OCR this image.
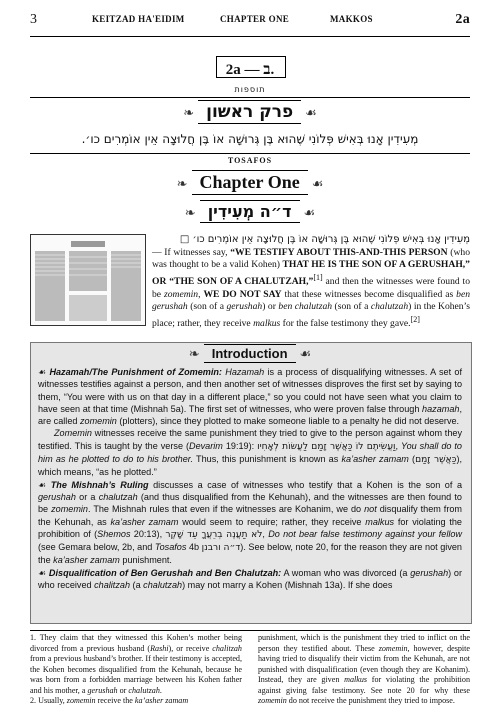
3	KEITZAD HA'EIDIM	CHAPTER ONE	MAKKOS	2a
2a — ב.
תוספות
❧ פרק ראשון ☙
מְעִידִין אָנוּ בְּאִישׁ פְּלוֹנִי שֶׁהוּא בֶּן גְּרוּשָׁה אוֹ בֶּן חֲלוּצָה אֵין אוֹמְרִים כו׳.
TOSAFOS
❧ Chapter One ☙
❧ ד״ה מְעִידִין ☙
מְעִידִין אָנוּ בְּאִישׁ פְּלוֹנִי שֶׁהוּא בֶּן גְּרוּשָׁה אוֹ בֶּן חֲלוּצָה אֵין אוֹמְרִים כו׳ □
— If witnesses say, “WE TESTIFY ABOUT THIS-AND-THIS PERSON (who was thought to be a valid Kohen) THAT HE IS THE SON OF A GERUSHAH,” OR “THE SON OF A CHALUTZAH,”[1] and then the witnesses were found to be zomemin, WE DO NOT SAY that these witnesses become disqualified as ben gerushah (son of a gerushah) or ben chalutzah (son of a chalutzah) in the Kohen’s place; rather, they receive malkus for the false testimony they gave.[2]
❧ Introduction ☙
☙ Hazamah/The Punishment of Zomemin: Hazamah is a process of disqualifying witnesses. A set of witnesses testifies against a person, and then another set of witnesses disproves the first set by saying to them, “You were with us on that day in a different place,” so you could not have seen what you claim to have seen at that time (Mishnah 5a). The first set of witnesses, who were proven false through hazamah, are called zomemin (plotters), since they plotted to make someone liable to a penalty he did not deserve.
Zomemin witnesses receive the same punishment they tried to give to the person against whom they testified. This is taught by the verse (Devarim 19:19): וַעֲשִׂיתֶם לוֹ כַּאֲשֶׁר זָמַם לַעֲשׂוֹת לְאָחִיו, You shall do to him as he plotted to do to his brother. Thus, this punishment is known as ka’asher zamam (כַּאֲשֶׁר זָמַם), which means, “as he plotted.”
☙ The Mishnah’s Ruling discusses a case of witnesses who testify that a Kohen is the son of a gerushah or a chalutzah (and thus disqualified from the Kehunah), and the witnesses are then found to be zomemin. The Mishnah rules that even if the witnesses are Kohanim, we do not disqualify them from the Kehunah, as ka’asher zamam would seem to require; rather, they receive malkus for violating the prohibition of (Shemos 20:13), לֹא תַעֲנֶה בְרֵעֲךָ עֵד שָׁקֶר, Do not bear false testimony against your fellow (see Gemara below, 2b, and Tosafos 4b ד״ה ורבנן). See below, note 20, for the reason they are not given the ka’asher zamam punishment.
☙ Disqualification of Ben Gerushah and Ben Chalutzah: A woman who was divorced (a gerushah) or who received chalitzah (a chalutzah) may not marry a Kohen (Mishnah 13a). If she does
1. They claim that they witnessed this Kohen’s mother being divorced from a previous husband (Rashi), or receive chalitzah from a previous husband’s brother. If their testimony is accepted, the Kohen becomes disqualified from the Kehunah, because he was born from a forbidden marriage between his Kohen father and his mother, a gerushah or chalutzah.
2. Usually, zomemin receive the ka’asher zamam
punishment, which is the punishment they tried to inflict on the person they testified about. These zomemin, however, despite having tried to disqualify their victim from the Kehunah, are not punished with disqualification (even though they are Kohanim). Instead, they are given malkus for violating the prohibition against giving false testimony. See note 20 for why these zomemin do not receive the punishment they tried to impose.
